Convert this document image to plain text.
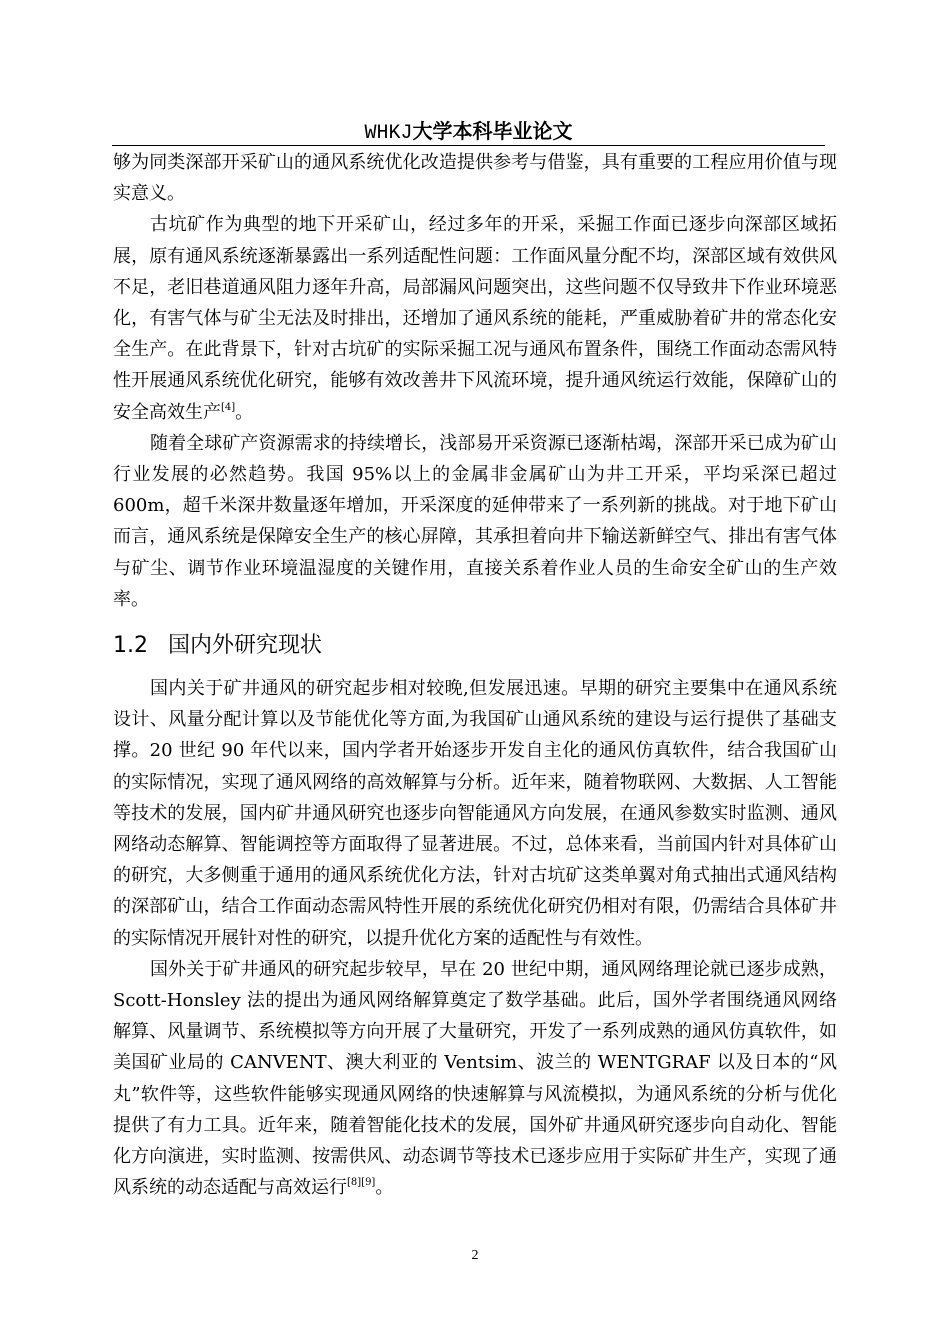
WHKJ大学本科毕业论文

够为同类深部开采矿山的通风系统优化改造提供参考与借鉴，具有重要的工程应用价值与现实意义。

古坑矿作为典型的地下开采矿山，经过多年的开采，采掘工作面已逐步向深部区域拓展，原有通风系统逐渐暴露出一系列适配性问题：工作面风量分配不均，深部区域有效供风不足，老旧巷道通风阻力逐年升高，局部漏风问题突出，这些问题不仅导致井下作业环境恶化，有害气体与矿尘无法及时排出，还增加了通风系统的能耗，严重威胁着矿井的常态化安全生产。在此背景下，针对古坑矿的实际采掘工况与通风布置条件，围绕工作面动态需风特性开展通风系统优化研究，能够有效改善井下风流环境，提升通风统运行效能，保障矿山的安全高效生产[4]。

随着全球矿产资源需求的持续增长，浅部易开采资源已逐渐枯竭，深部开采已成为矿山行业发展的必然趋势。我国 95%以上的金属非金属矿山为井工开采，平均采深已超过 600m，超千米深井数量逐年增加，开采深度的延伸带来了一系列新的挑战。对于地下矿山而言，通风系统是保障安全生产的核心屏障，其承担着向井下输送新鲜空气、排出有害气体与矿尘、调节作业环境温湿度的关键作用，直接关系着作业人员的生命安全矿山的生产效率。

1.2 国内外研究现状

国内关于矿井通风的研究起步相对较晚,但发展迅速。早期的研究主要集中在通风系统设计、风量分配计算以及节能优化等方面,为我国矿山通风系统的建设与运行提供了基础支撑。20 世纪 90 年代以来，国内学者开始逐步开发自主化的通风仿真软件，结合我国矿山的实际情况，实现了通风网络的高效解算与分析。近年来，随着物联网、大数据、人工智能等技术的发展，国内矿井通风研究也逐步向智能通风方向发展，在通风参数实时监测、通风网络动态解算、智能调控等方面取得了显著进展。不过，总体来看，当前国内针对具体矿山的研究，大多侧重于通用的通风系统优化方法，针对古坑矿这类单翼对角式抽出式通风结构的深部矿山，结合工作面动态需风特性开展的系统优化研究仍相对有限，仍需结合具体矿井的实际情况开展针对性的研究，以提升优化方案的适配性与有效性。

国外关于矿井通风的研究起步较早，早在 20 世纪中期，通风网络理论就已逐步成熟，Scott-Honsley 法的提出为通风网络解算奠定了数学基础。此后，国外学者围绕通风网络解算、风量调节、系统模拟等方向开展了大量研究，开发了一系列成熟的通风仿真软件，如美国矿业局的 CANVENT、澳大利亚的 Ventsim、波兰的 WENTGRAF 以及日本的“风丸”软件等，这些软件能够实现通风网络的快速解算与风流模拟，为通风系统的分析与优化提供了有力工具。近年来，随着智能化技术的发展，国外矿井通风研究逐步向自动化、智能化方向演进，实时监测、按需供风、动态调节等技术已逐步应用于实际矿井生产，实现了通风系统的动态适配与高效运行[8][9]。

2
